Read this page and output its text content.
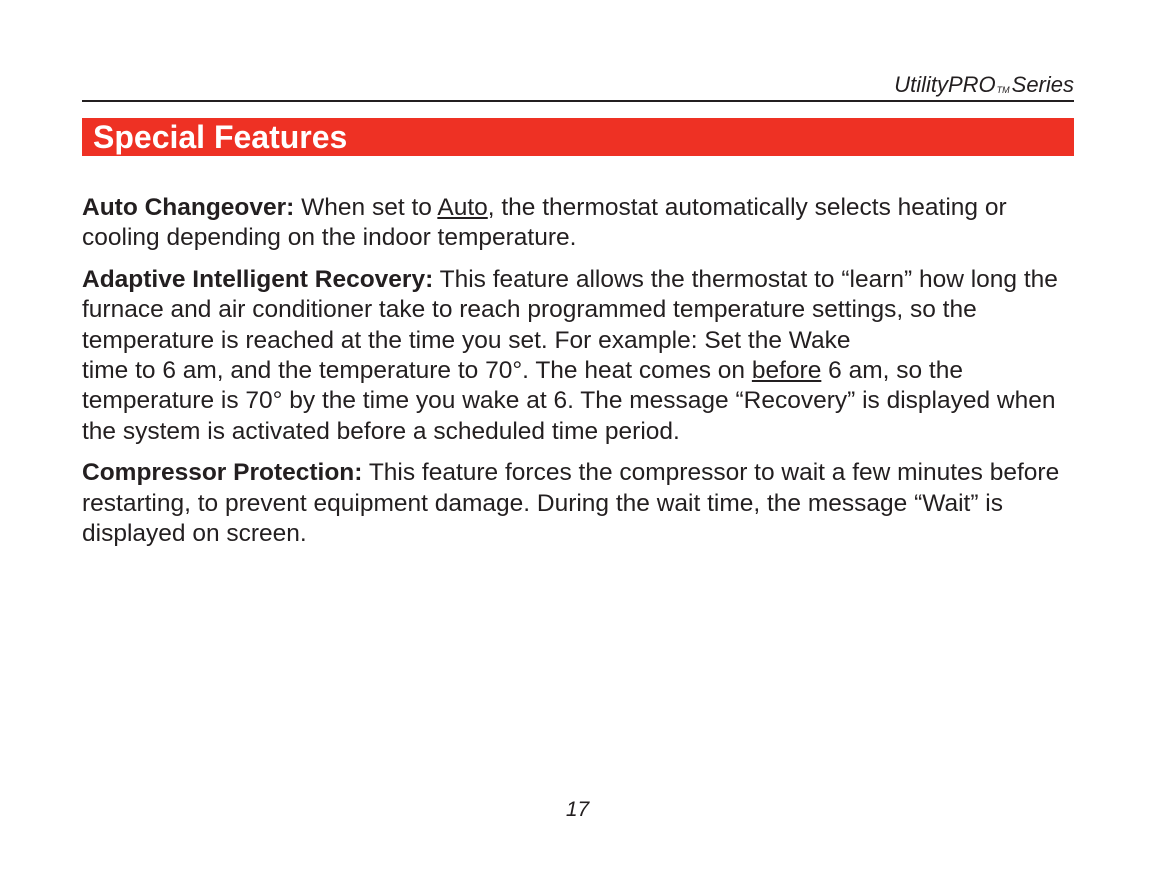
UtilityPRO™Series
Special Features

Auto Changeover: When set to Auto, the thermostat automatically selects heating or cooling depending on the indoor temperature.

Adaptive Intelligent Recovery: This feature allows the thermostat to “learn” how long the furnace and air conditioner take to reach programmed temperature settings, so the temperature is reached at the time you set. For example: Set the Wake
time to 6 am, and the temperature to 70°. The heat comes on before 6 am, so the temperature is 70° by the time you wake at 6. The message “Recovery” is displayed when the system is activated before a scheduled time period.

Compressor Protection: This feature forces the compressor to wait a few minutes before restarting, to prevent equipment damage. During the wait time, the message “Wait” is displayed on screen.

17
